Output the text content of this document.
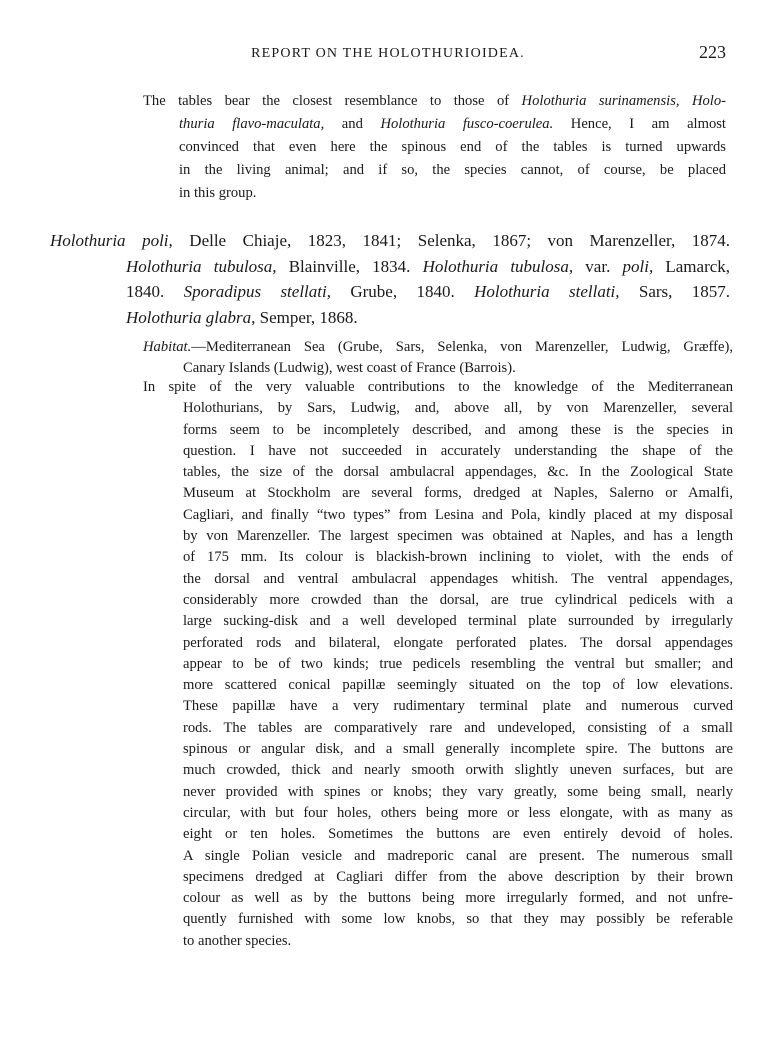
REPORT ON THE HOLOTHURIOIDEA.	223
The tables bear the closest resemblance to those of Holothuria surinamensis, Holo-
thuria flavo-maculata, and Holothuria fusco-coerulea. Hence, I am almost
convinced that even here the spinous end of the tables is turned upwards
in the living animal; and if so, the species cannot, of course, be placed
in this group.
Holothuria poli, Delle Chiaje, 1823, 1841; Selenka, 1867; von Marenzeller, 1874.
Holothuria tubulosa, Blainville, 1834. Holothuria tubulosa, var. poli, Lamarck,
1840. Sporadipus stellati, Grube, 1840. Holothuria stellati, Sars, 1857.
Holothuria glabra, Semper, 1868.
Habitat.—Mediterranean Sea (Grube, Sars, Selenka, von Marenzeller, Ludwig, Græffe),
Canary Islands (Ludwig), west coast of France (Barrois).
In spite of the very valuable contributions to the knowledge of the Mediterranean
Holothurians, by Sars, Ludwig, and, above all, by von Marenzeller, several
forms seem to be incompletely described, and among these is the species in
question. I have not succeeded in accurately understanding the shape of the
tables, the size of the dorsal ambulacral appendages, &c. In the Zoological State
Museum at Stockholm are several forms, dredged at Naples, Salerno or Amalfi,
Cagliari, and finally “two types” from Lesina and Pola, kindly placed at my disposal
by von Marenzeller. The largest specimen was obtained at Naples, and has a length
of 175 mm. Its colour is blackish-brown inclining to violet, with the ends of
the dorsal and ventral ambulacral appendages whitish. The ventral appendages,
considerably more crowded than the dorsal, are true cylindrical pedicels with a
large sucking-disk and a well developed terminal plate surrounded by irregularly
perforated rods and bilateral, elongate perforated plates. The dorsal appendages
appear to be of two kinds; true pedicels resembling the ventral but smaller; and
more scattered conical papillæ seemingly situated on the top of low elevations.
These papillæ have a very rudimentary terminal plate and numerous curved
rods. The tables are comparatively rare and undeveloped, consisting of a small
spinous or angular disk, and a small generally incomplete spire. The buttons are
much crowded, thick and nearly smooth orwith slightly uneven surfaces, but are
never provided with spines or knobs; they vary greatly, some being small, nearly
circular, with but four holes, others being more or less elongate, with as many as
eight or ten holes. Sometimes the buttons are even entirely devoid of holes.
A single Polian vesicle and madreporic canal are present. The numerous small
specimens dredged at Cagliari differ from the above description by their brown
colour as well as by the buttons being more irregularly formed, and not unfre-
quently furnished with some low knobs, so that they may possibly be referable
to another species.
